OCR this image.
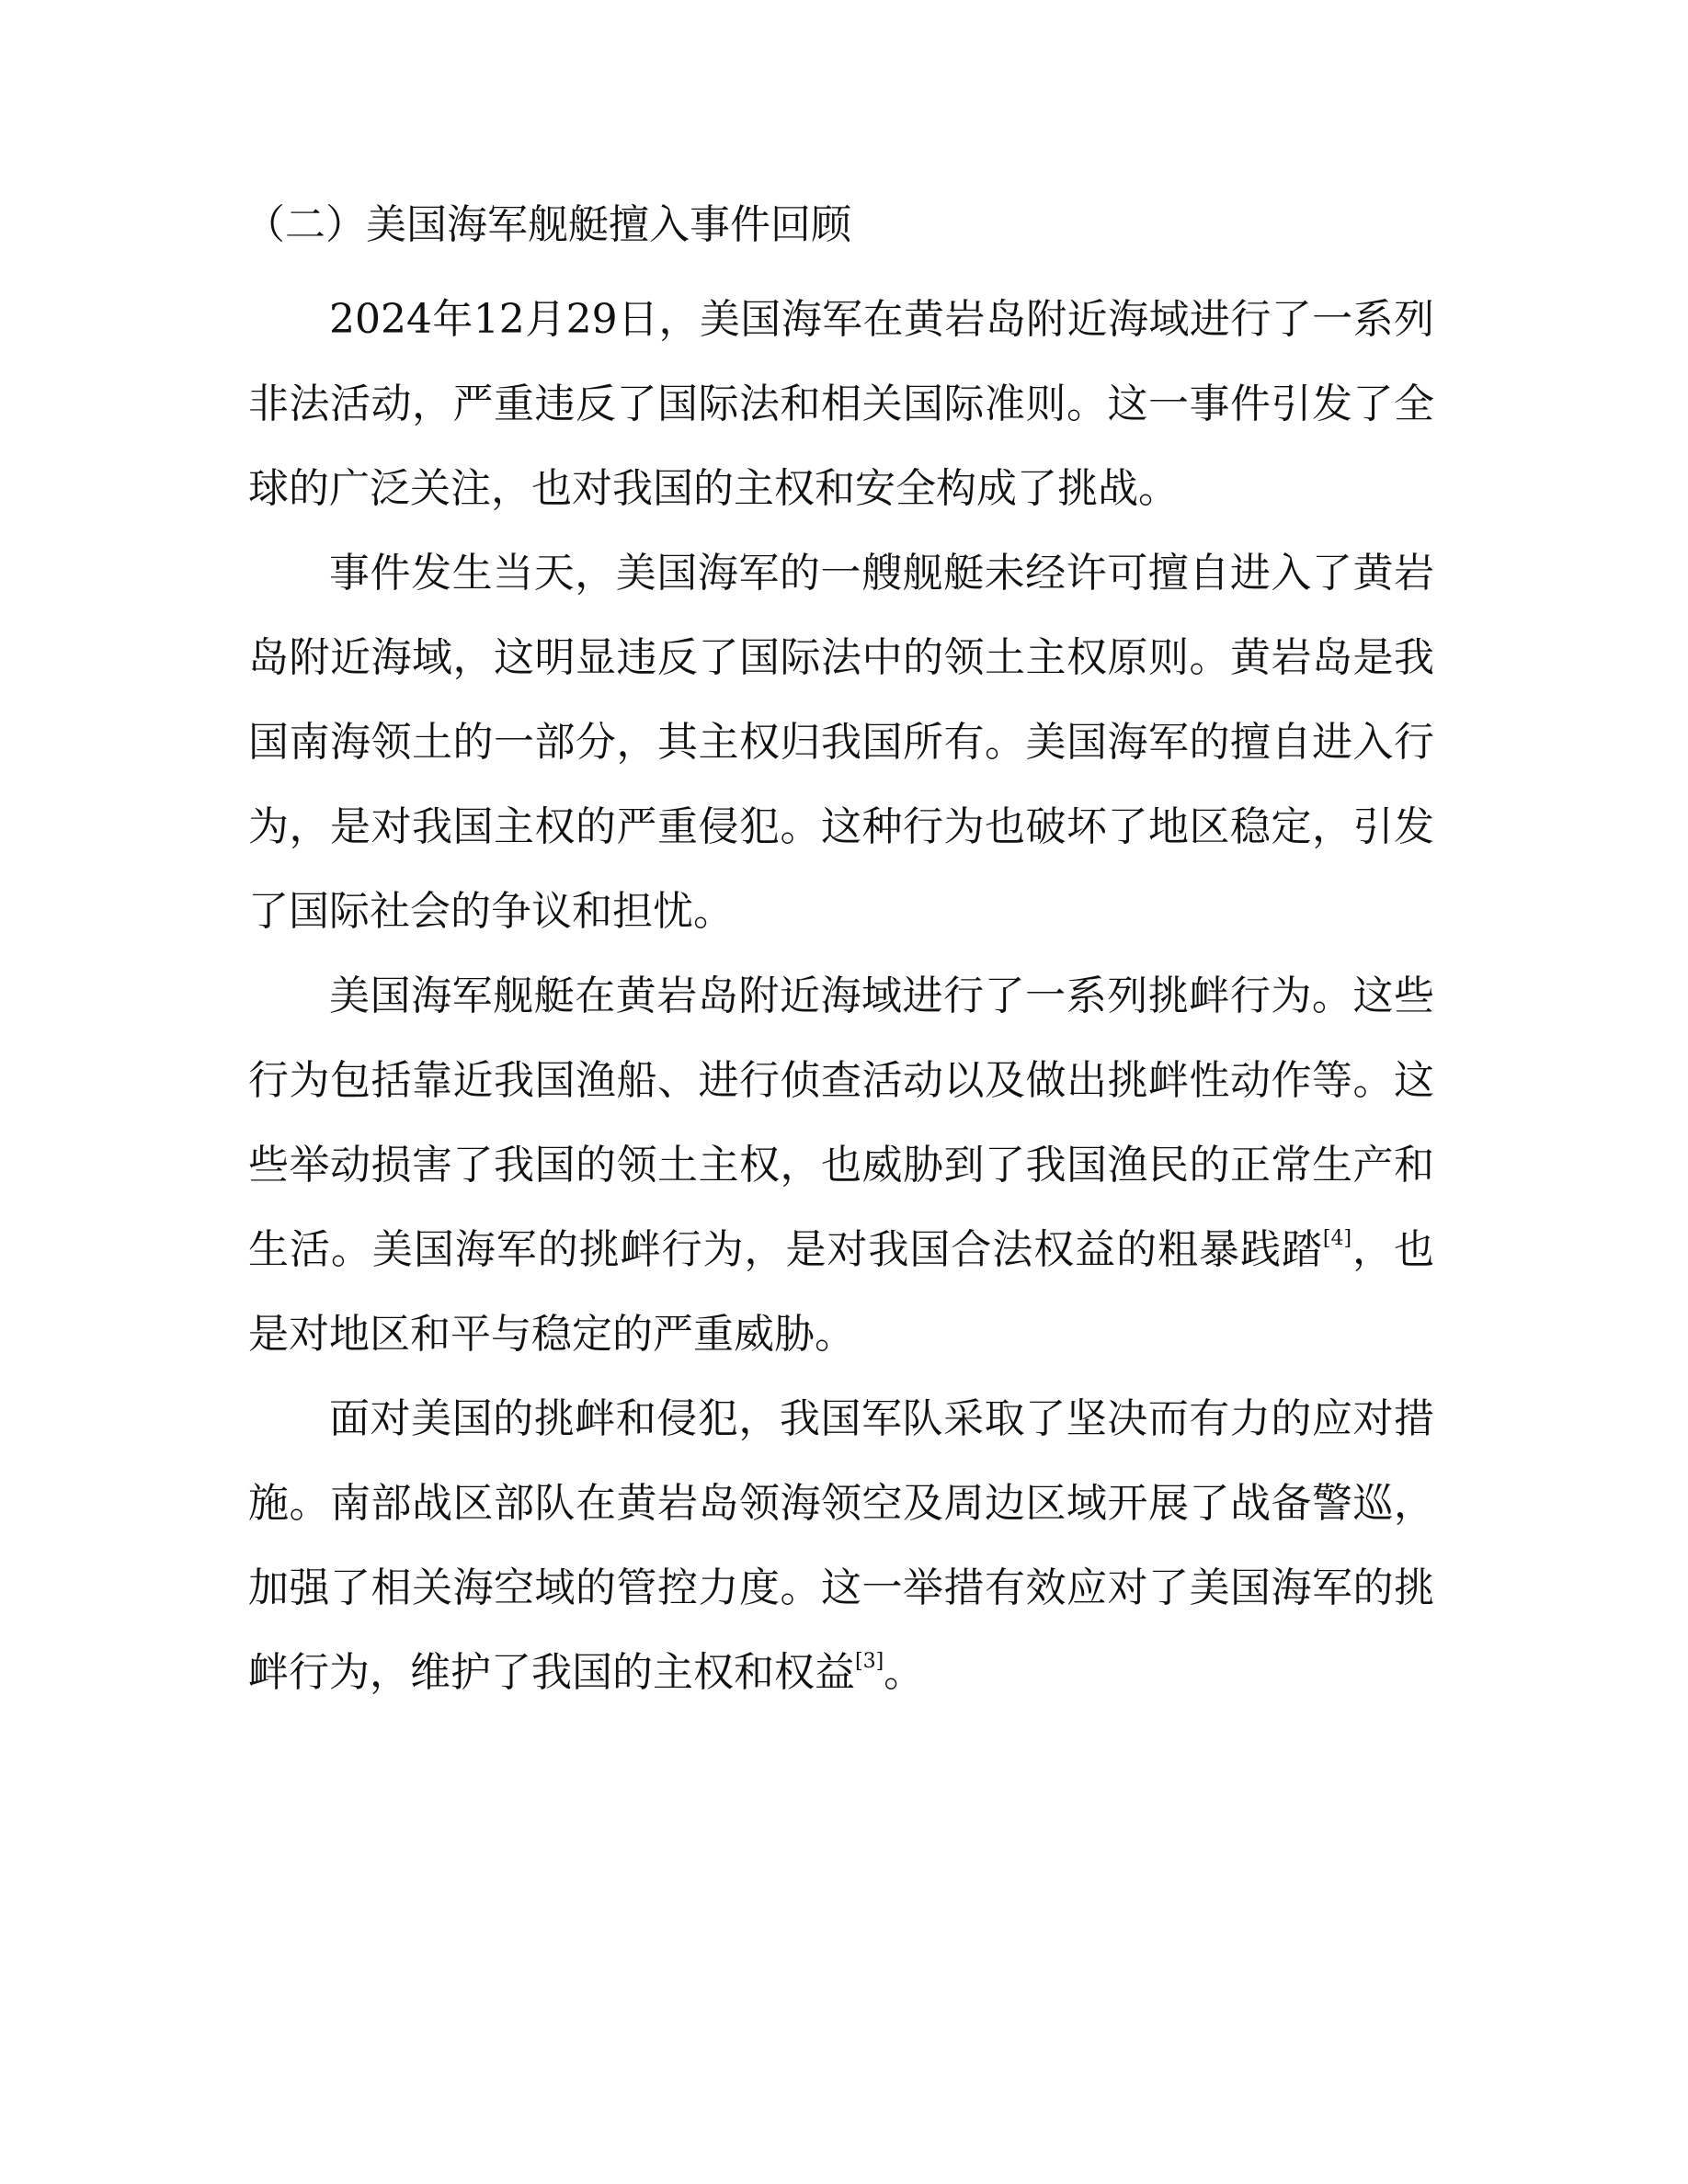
（二）美国海军舰艇擅入事件回顾

2024年12月29日，美国海军在黄岩岛附近海域进行了一系列非法活动，严重违反了国际法和相关国际准则。这一事件引发了全球的广泛关注，也对我国的主权和安全构成了挑战。

事件发生当天，美国海军的一艘舰艇未经许可擅自进入了黄岩岛附近海域，这明显违反了国际法中的领土主权原则。黄岩岛是我国南海领土的一部分，其主权归我国所有。美国海军的擅自进入行为，是对我国主权的严重侵犯。这种行为也破坏了地区稳定，引发了国际社会的争议和担忧。

美国海军舰艇在黄岩岛附近海域进行了一系列挑衅行为。这些行为包括靠近我国渔船、进行侦查活动以及做出挑衅性动作等。这些举动损害了我国的领土主权，也威胁到了我国渔民的正常生产和生活。美国海军的挑衅行为，是对我国合法权益的粗暴践踏[4]，也是对地区和平与稳定的严重威胁。

面对美国的挑衅和侵犯，我国军队采取了坚决而有力的应对措施。南部战区部队在黄岩岛领海领空及周边区域开展了战备警巡，加强了相关海空域的管控力度。这一举措有效应对了美国海军的挑衅行为，维护了我国的主权和权益[3]。
